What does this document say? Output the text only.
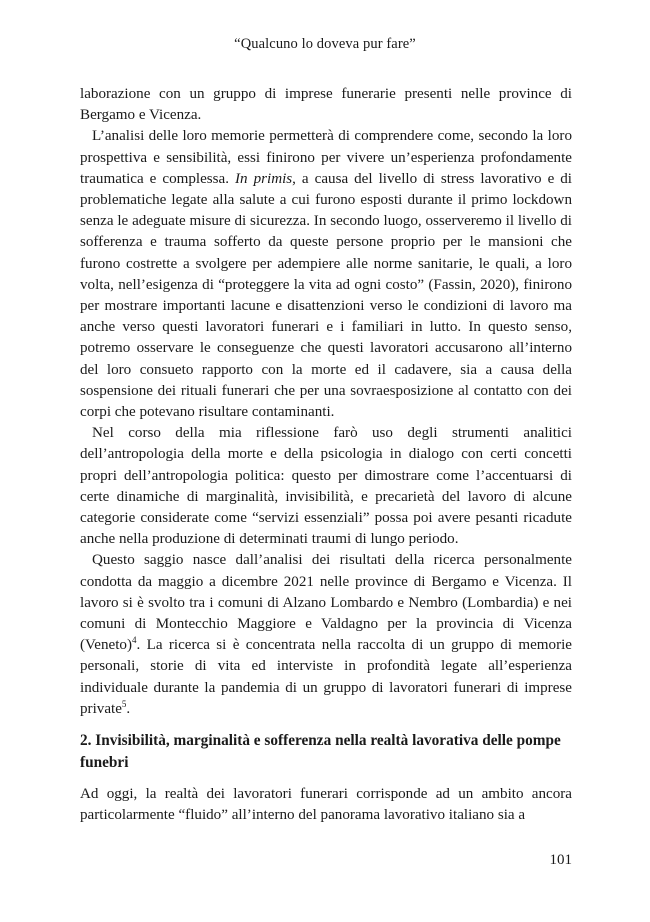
“Qualcuno lo doveva pur fare”

laborazione con un gruppo di imprese funerarie presenti nelle province di Bergamo e Vicenza.

L’analisi delle loro memorie permetterà di comprendere come, secondo la loro prospettiva e sensibilità, essi finirono per vivere un’esperienza profondamente traumatica e complessa. In primis, a causa del livello di stress lavorativo e di problematiche legate alla salute a cui furono esposti durante il primo lockdown senza le adeguate misure di sicurezza. In secondo luogo, osserveremo il livello di sofferenza e trauma sofferto da queste persone proprio per le mansioni che furono costrette a svolgere per adempiere alle norme sanitarie, le quali, a loro volta, nell’esigenza di “proteggere la vita ad ogni costo” (Fassin, 2020), finirono per mostrare importanti lacune e disattenzioni verso le condizioni di lavoro ma anche verso questi lavoratori funerari e i familiari in lutto. In questo senso, potremo osservare le conseguenze che questi lavoratori accusarono all’interno del loro consueto rapporto con la morte ed il cadavere, sia a causa della sospensione dei rituali funerari che per una sovraesposizione al contatto con dei corpi che potevano risultare contaminanti.

Nel corso della mia riflessione farò uso degli strumenti analitici dell’antropologia della morte e della psicologia in dialogo con certi concetti propri dell’antropologia politica: questo per dimostrare come l’accentuarsi di certe dinamiche di marginalità, invisibilità, e precarietà del lavoro di alcune categorie considerate come “servizi essenziali” possa poi avere pesanti ricadute anche nella produzione di determinati traumi di lungo periodo.

Questo saggio nasce dall’analisi dei risultati della ricerca personalmente condotta da maggio a dicembre 2021 nelle province di Bergamo e Vicenza. Il lavoro si è svolto tra i comuni di Alzano Lombardo e Nembro (Lombardia) e nei comuni di Montecchio Maggiore e Valdagno per la provincia di Vicenza (Veneto)$^4$. La ricerca si è concentrata nella raccolta di un gruppo di memorie personali, storie di vita ed interviste in profondità legate all’esperienza individuale durante la pandemia di un gruppo di lavoratori funerari di imprese private$^5$.

2. Invisibilità, marginalità e sofferenza nella realtà lavorativa delle pompe funebri

Ad oggi, la realtà dei lavoratori funerari corrisponde ad un ambito ancora particolarmente “fluido” all’interno del panorama lavorativo italiano sia a

101
